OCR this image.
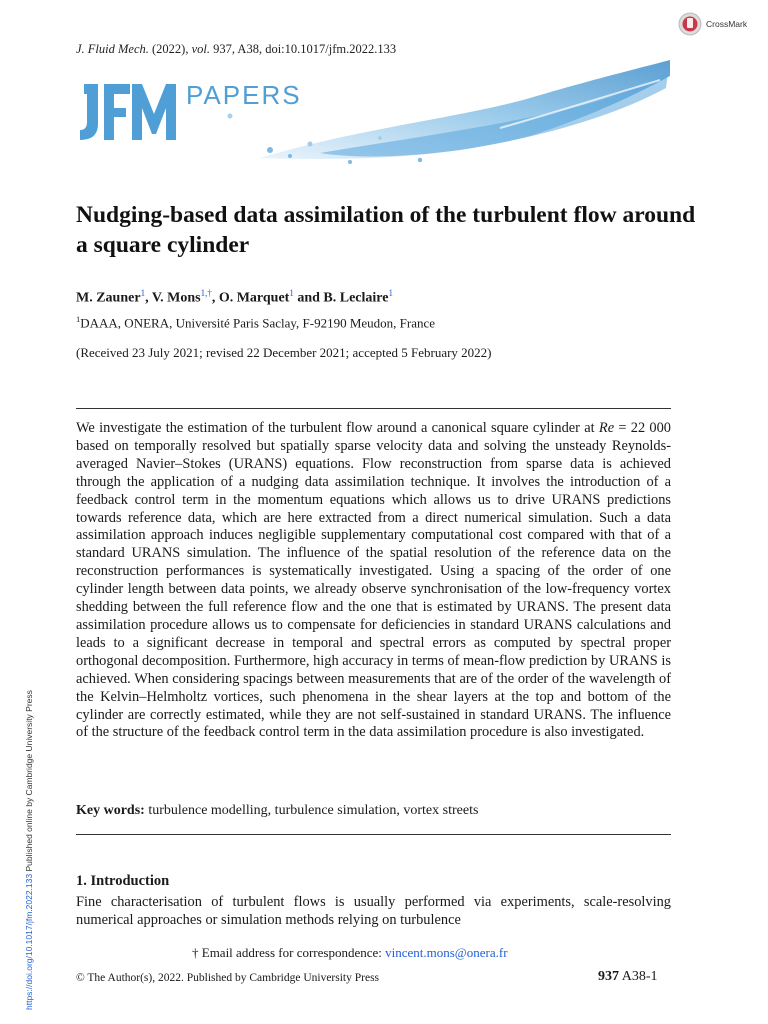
J. Fluid Mech. (2022), vol. 937, A38, doi:10.1017/jfm.2022.133
CrossMark
PAPERS
Nudging-based data assimilation of the turbulent flow around a square cylinder
M. Zauner$^1$, V. Mons$^{1,\dagger}$, O. Marquet$^1$ and B. Leclaire$^1$
$^1$DAAA, ONERA, Université Paris Saclay, F-92190 Meudon, France
(Received 23 July 2021; revised 22 December 2021; accepted 5 February 2022)
We investigate the estimation of the turbulent flow around a canonical square cylinder at Re = 22 000 based on temporally resolved but spatially sparse velocity data and solving the unsteady Reynolds-averaged Navier–Stokes (URANS) equations. Flow reconstruction from sparse data is achieved through the application of a nudging data assimilation technique. It involves the introduction of a feedback control term in the momentum equations which allows us to drive URANS predictions towards reference data, which are here extracted from a direct numerical simulation. Such a data assimilation approach induces negligible supplementary computational cost compared with that of a standard URANS simulation. The influence of the spatial resolution of the reference data on the reconstruction performances is systematically investigated. Using a spacing of the order of one cylinder length between data points, we already observe synchronisation of the low-frequency vortex shedding between the full reference flow and the one that is estimated by URANS. The present data assimilation procedure allows us to compensate for deficiencies in standard URANS calculations and leads to a significant decrease in temporal and spectral errors as computed by spectral proper orthogonal decomposition. Furthermore, high accuracy in terms of mean-flow prediction by URANS is achieved. When considering spacings between measurements that are of the order of the wavelength of the Kelvin–Helmholtz vortices, such phenomena in the shear layers at the top and bottom of the cylinder are correctly estimated, while they are not self-sustained in standard URANS. The influence of the structure of the feedback control term in the data assimilation procedure is also investigated.
Key words: turbulence modelling, turbulence simulation, vortex streets
1. Introduction
Fine characterisation of turbulent flows is usually performed via experiments, scale-resolving numerical approaches or simulation methods relying on turbulence
† Email address for correspondence: vincent.mons@onera.fr
© The Author(s), 2022. Published by Cambridge University Press	937 A38-1
https://doi.org/10.1017/jfm.2022.133 Published online by Cambridge University Press
